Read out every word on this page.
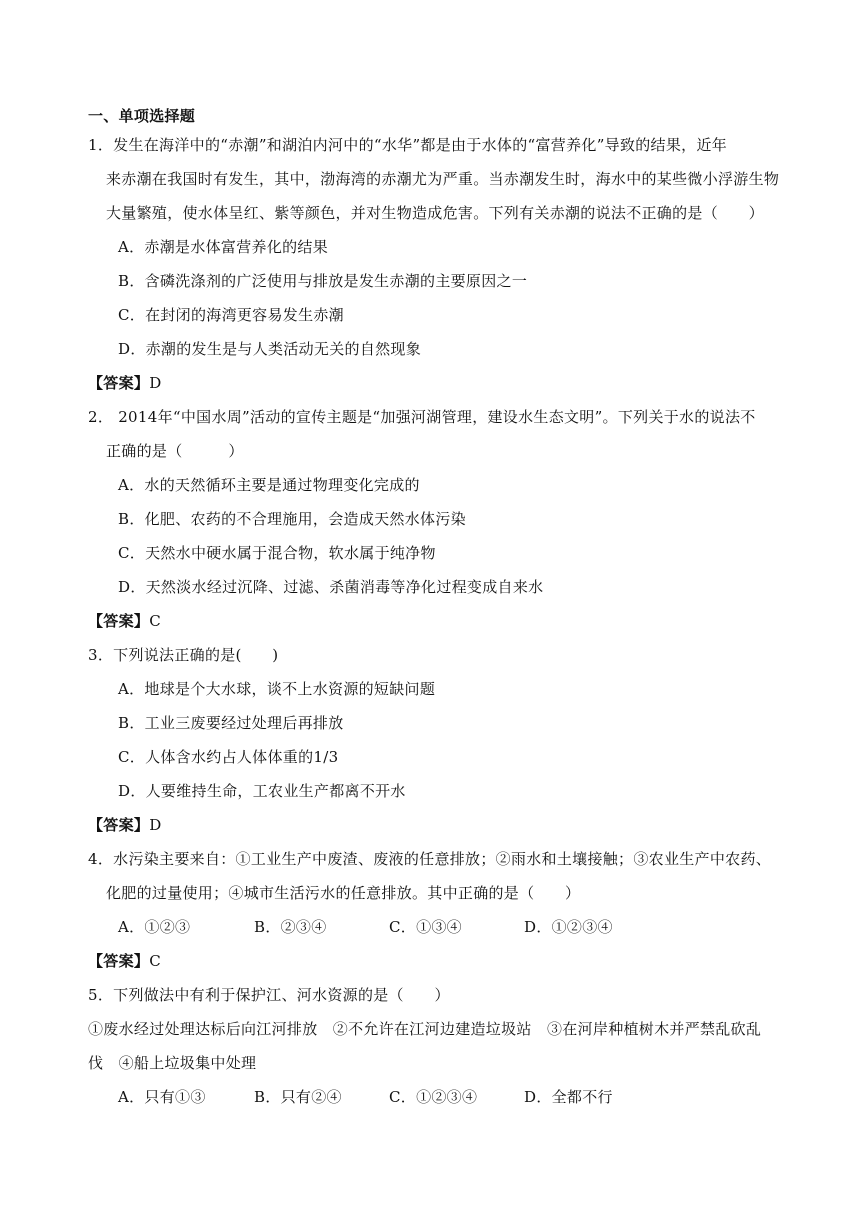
一、单项选择题
1．发生在海洋中的“赤潮”和湖泊内河中的“水华”都是由于水体的“富营养化”导致的结果，近年
来赤潮在我国时有发生，其中，渤海湾的赤潮尤为严重。当赤潮发生时，海水中的某些微小浮游生物
大量繁殖，使水体呈红、紫等颜色，并对生物造成危害。下列有关赤潮的说法不正确的是（　　）
A．赤潮是水体富营养化的结果
B．含磷洗涤剂的广泛使用与排放是发生赤潮的主要原因之一
C．在封闭的海湾更容易发生赤潮
D．赤潮的发生是与人类活动无关的自然现象
【答案】D
2． 2014年“中国水周”活动的宣传主题是“加强河湖管理，建设水生态文明”。下列关于水的说法不
正确的是（　　　）
A．水的天然循环主要是通过物理变化完成的
B．化肥、农药的不合理施用，会造成天然水体污染
C．天然水中硬水属于混合物，软水属于纯净物
D．天然淡水经过沉降、过滤、杀菌消毒等净化过程变成自来水
【答案】C
3．下列说法正确的是(　　)
A．地球是个大水球，谈不上水资源的短缺问题
B．工业三废要经过处理后再排放
C．人体含水约占人体体重的1/3
D．人要维持生命，工农业生产都离不开水
【答案】D
4．水污染主要来自：①工业生产中废渣、废液的任意排放；②雨水和土壤接触；③农业生产中农药、
化肥的过量使用；④城市生活污水的任意排放。其中正确的是（　　）
A．①②③	B．②③④	C．①③④	D．①②③④
【答案】C
5．下列做法中有利于保护江、河水资源的是（　　）
①废水经过处理达标后向江河排放　②不允许在江河边建造垃圾站　③在河岸种植树木并严禁乱砍乱
伐　④船上垃圾集中处理
A．只有①③	B．只有②④	C．①②③④	D．全都不行
